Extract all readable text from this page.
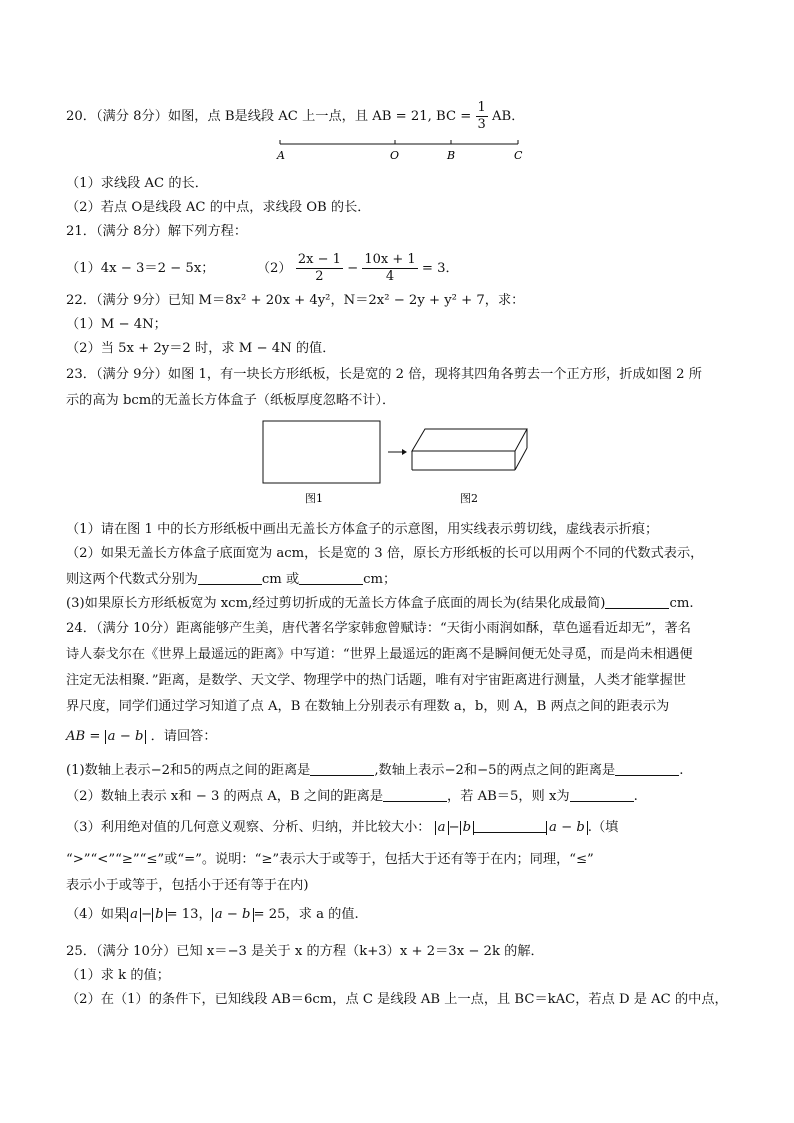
20．（满分 8分）如图，点 B是线段 AC 上一点，且 AB = 21, BC = $\frac{1}{3}$ AB．
A	O	B	C
（1）求线段 AC 的长．
（2）若点 O是线段 AC 的中点，求线段 OB 的长．
21．（满分 8分）解下列方程：
（1）4x − 3＝2 − 5x；	$(2) \frac{2x - 1}{2} - \frac{10x + 1}{4} = 3$．
22．（满分 9分）已知 M＝8x² + 20x + 4y²，N＝2x² − 2y + y² + 7，求：
（1）M − 4N；
（2）当 5x + 2y＝2 时，求 M − 4N 的值．
23．（满分 9分）如图 1，有一块长方形纸板，长是宽的 2 倍，现将其四角各剪去一个正方形，折成如图 2 所
示的高为 bcm的无盖长方体盒子（纸板厚度忽略不计）．
图1	图2
（1）请在图 1 中的长方形纸板中画出无盖长方体盒子的示意图，用实线表示剪切线，虚线表示折痕；
（2）如果无盖长方体盒子底面宽为 acm，长是宽的 3 倍，原长方形纸板的长可以用两个不同的代数式表示，
则这两个代数式分别为	cm 或	cm；
(3)如果原长方形纸板宽为 xcm,经过剪切折成的无盖长方体盒子底面的周长为(结果化成最简)	cm.
24．（满分 10分）距离能够产生美，唐代著名学家韩愈曾赋诗：“天街小雨润如酥，草色遥看近却无”，著名
诗人泰戈尔在《世界上最遥远的距离》中写道：“世界上最遥远的距离不是瞬间便无处寻觅，而是尚未相遇便
注定无法相聚．”距离，是数学、天文学、物理学中的热门话题，唯有对宇宙距离进行测量，人类才能掌握世
界尺度，同学们通过学习知道了点 A，B 在数轴上分别表示有理数 a，b，则 A，B 两点之间的距表示为
AB = a − b ．请回答：
(1)数轴上表示−2和5的两点之间的距离是	,数轴上表示−2和−5的两点之间的距离是	.
（2）数轴上表示 x和 − 3 的两点 A，B 之间的距离是	，若 AB＝5，则 x为	.
（3）利用绝对值的几何意义观察、分析、归纳，并比较大小： a − b	a − b .（填
“>”“<”“≥”“≤”或“=”。说明：“≥”表示大于或等于，包括大于还有等于在内；同理，“≤”
表示小于或等于，包括小于还有等于在内)
（4）如果 a − b = 13， a − b = 25，求 a 的值.
25．（满分 10分）已知 x＝−3 是关于 x 的方程（k+3）x + 2＝3x − 2k 的解．
（1）求 k 的值；
（2）在（1）的条件下，已知线段 AB＝6cm，点 C 是线段 AB 上一点，且 BC＝kAC，若点 D 是 AC 的中点，
